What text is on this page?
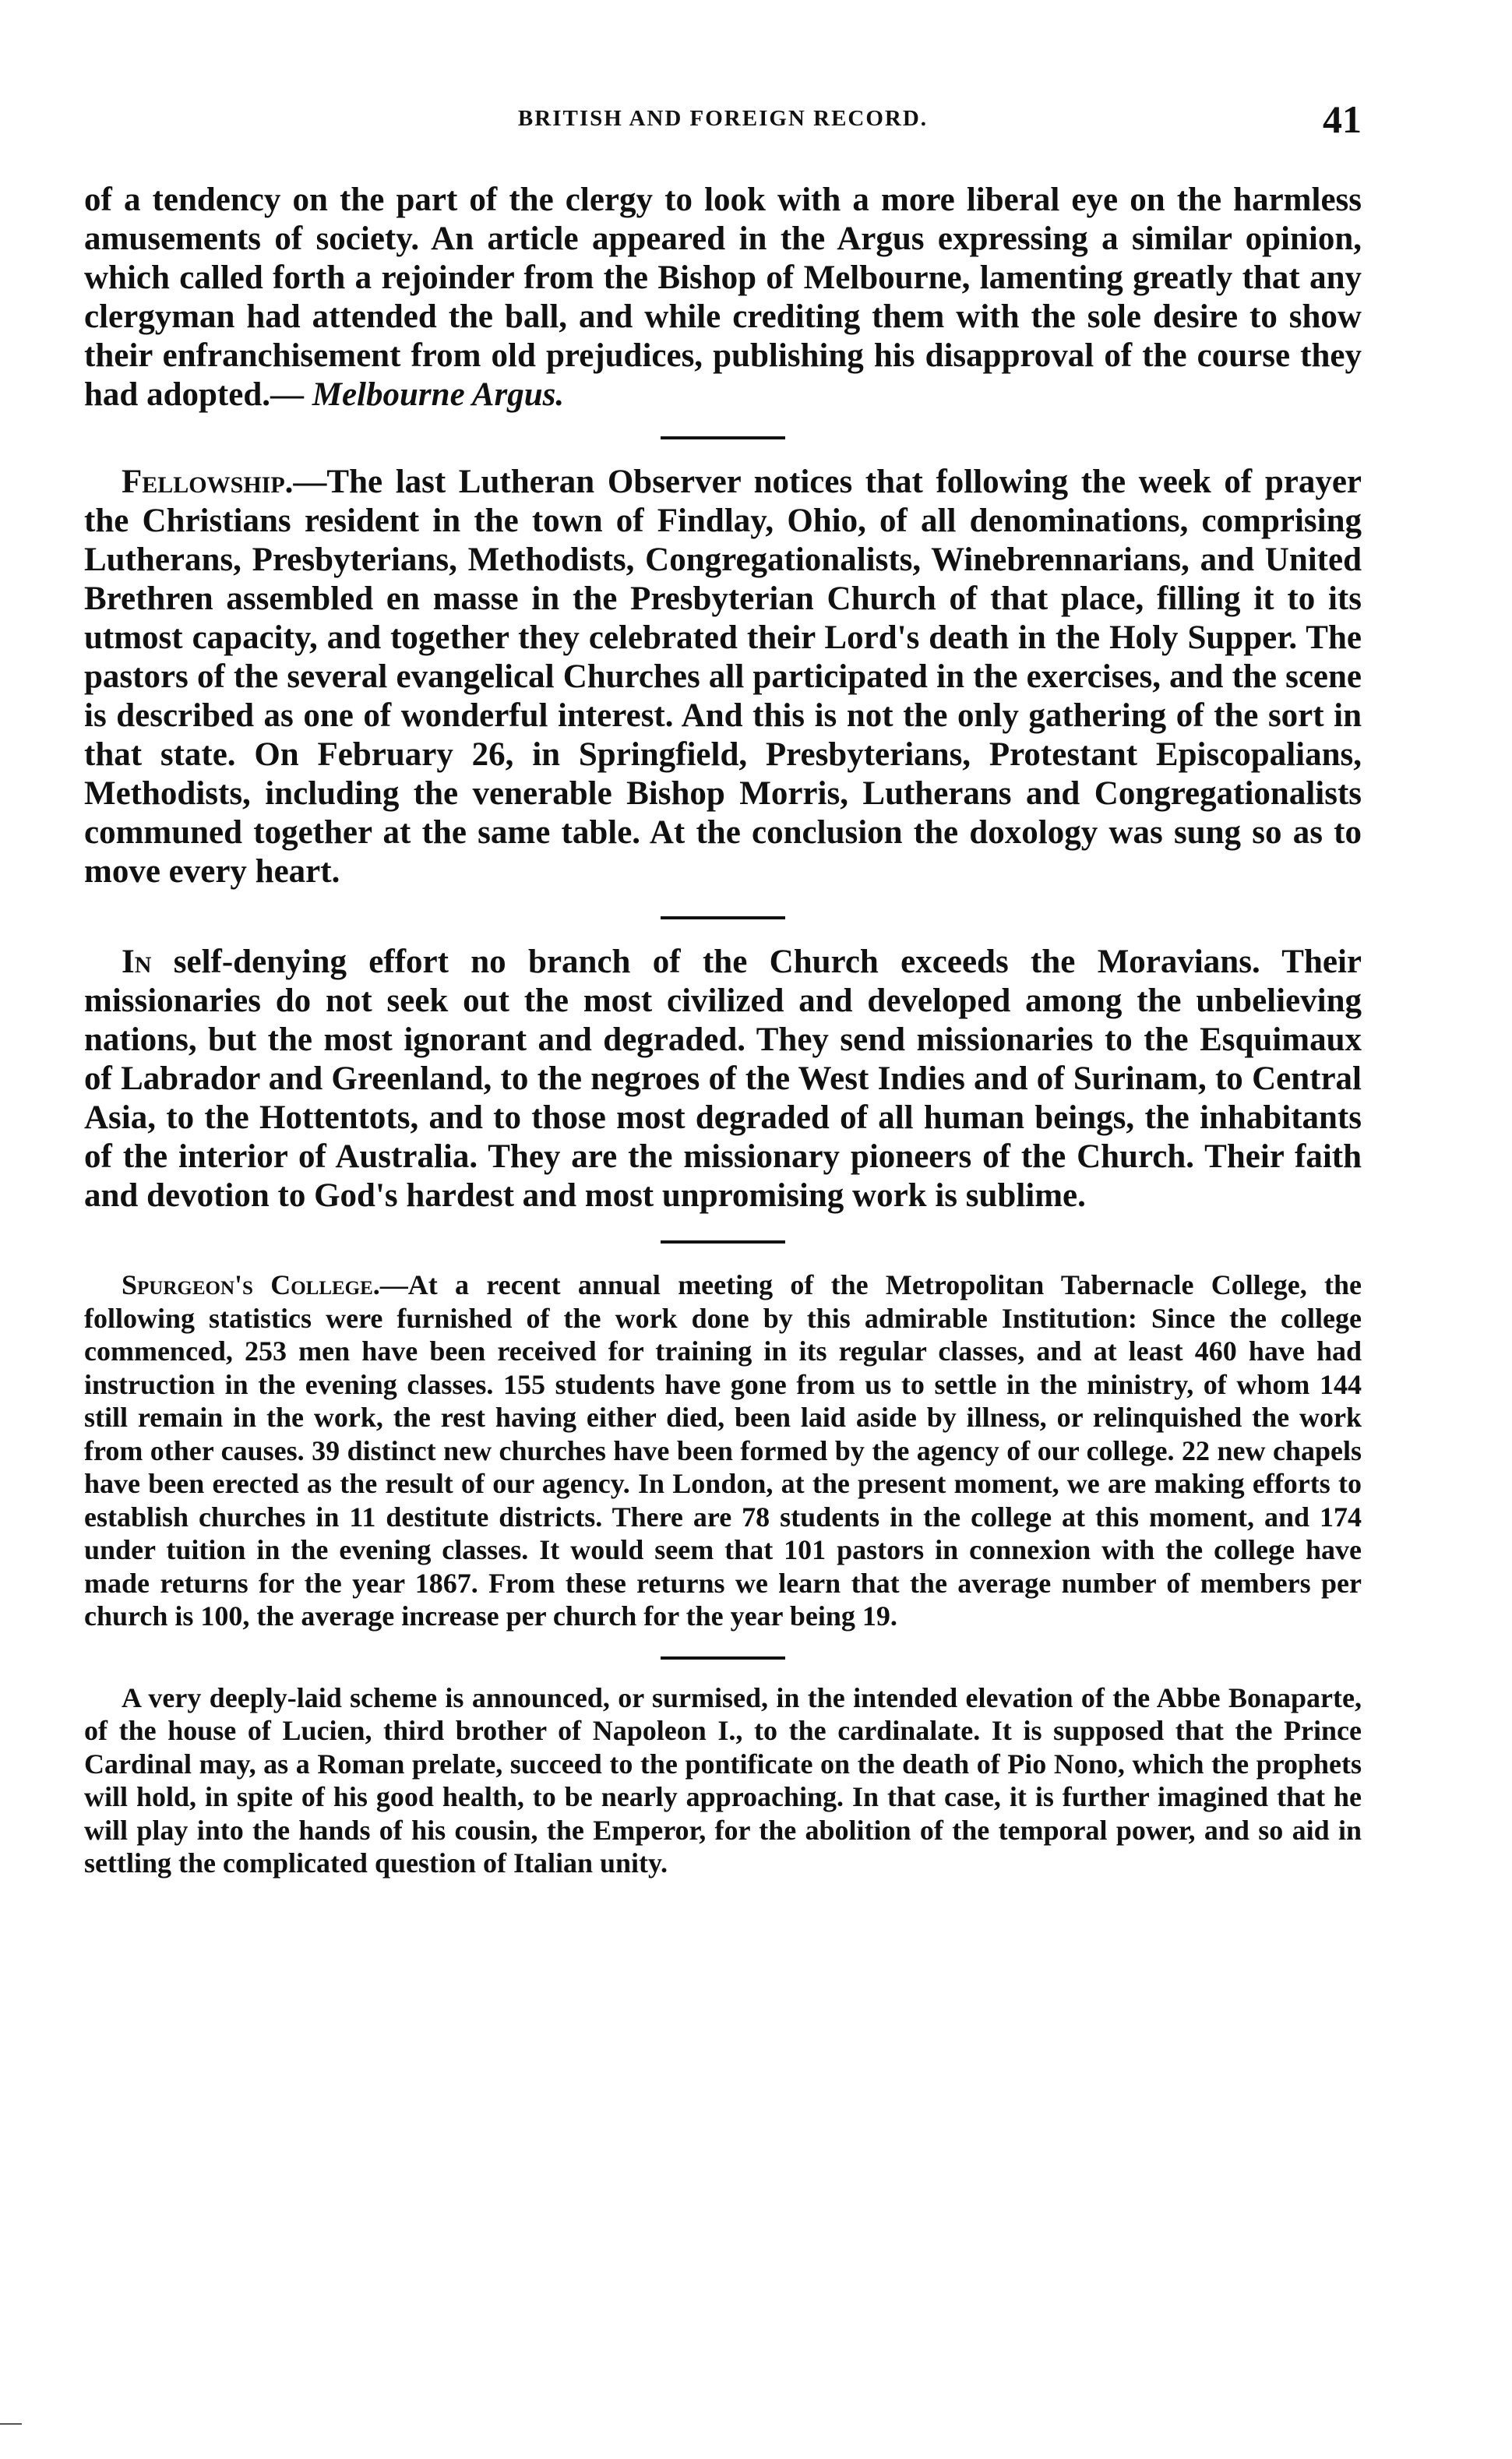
BRITISH AND FOREIGN RECORD.	41

of a tendency on the part of the clergy to look with a more liberal eye on the harmless amusements of society. An article appeared in the Argus expressing a similar opinion, which called forth a rejoinder from the Bishop of Melbourne, lamenting greatly that any clergyman had attended the ball, and while crediting them with the sole desire to show their enfranchisement from old prejudices, publishing his disapproval of the course they had adopted.— Melbourne Argus.

Fellowship.—The last Lutheran Observer notices that following the week of prayer the Christians resident in the town of Findlay, Ohio, of all denominations, comprising Lutherans, Presbyterians, Methodists, Congregationalists, Winebrennarians, and United Brethren assembled en masse in the Presbyterian Church of that place, filling it to its utmost capacity, and together they celebrated their Lord's death in the Holy Supper. The pastors of the several evangelical Churches all participated in the exercises, and the scene is described as one of wonderful interest. And this is not the only gathering of the sort in that state. On February 26, in Springfield, Presbyterians, Protestant Episcopalians, Methodists, including the venerable Bishop Morris, Lutherans and Congregationalists communed together at the same table. At the conclusion the doxology was sung so as to move every heart.

In self-denying effort no branch of the Church exceeds the Moravians. Their missionaries do not seek out the most civilized and developed among the unbelieving nations, but the most ignorant and degraded. They send missionaries to the Esquimaux of Labrador and Greenland, to the negroes of the West Indies and of Surinam, to Central Asia, to the Hottentots, and to those most degraded of all human beings, the inhabitants of the interior of Australia. They are the missionary pioneers of the Church. Their faith and devotion to God's hardest and most unpromising work is sublime.

Spurgeon's College.—At a recent annual meeting of the Metropolitan Tabernacle College, the following statistics were furnished of the work done by this admirable Institution: Since the college commenced, 253 men have been received for training in its regular classes, and at least 460 have had instruction in the evening classes. 155 students have gone from us to settle in the ministry, of whom 144 still remain in the work, the rest having either died, been laid aside by illness, or relinquished the work from other causes. 39 distinct new churches have been formed by the agency of our college. 22 new chapels have been erected as the result of our agency. In London, at the present moment, we are making efforts to establish churches in 11 destitute districts. There are 78 students in the college at this moment, and 174 under tuition in the evening classes. It would seem that 101 pastors in connexion with the college have made returns for the year 1867. From these returns we learn that the average number of members per church is 100, the average increase per church for the year being 19.

A very deeply-laid scheme is announced, or surmised, in the intended elevation of the Abbe Bonaparte, of the house of Lucien, third brother of Napoleon I., to the cardinalate. It is supposed that the Prince Cardinal may, as a Roman prelate, succeed to the pontificate on the death of Pio Nono, which the prophets will hold, in spite of his good health, to be nearly approaching. In that case, it is further imagined that he will play into the hands of his cousin, the Emperor, for the abolition of the temporal power, and so aid in settling the complicated question of Italian unity.
